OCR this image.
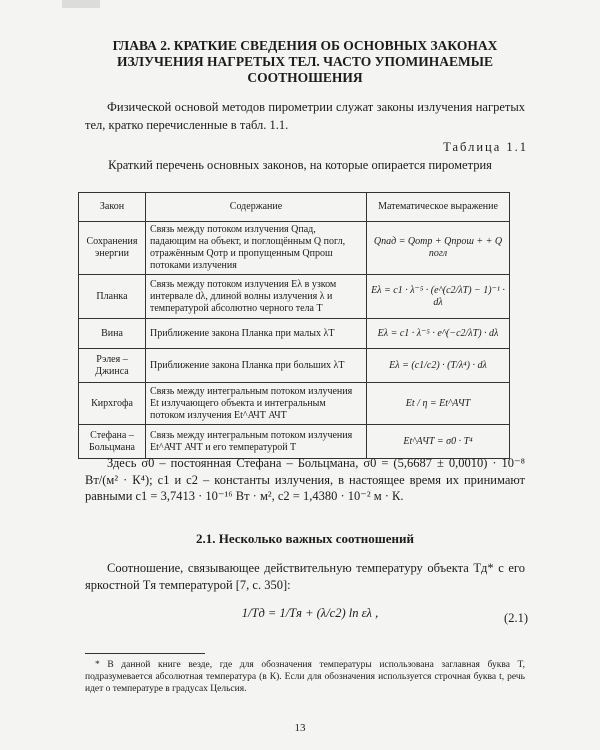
ГЛАВА 2. КРАТКИЕ СВЕДЕНИЯ ОБ ОСНОВНЫХ ЗАКОНАХ ИЗЛУЧЕНИЯ НАГРЕТЫХ ТЕЛ. ЧАСТО УПОМИНАЕМЫЕ СООТНОШЕНИЯ
Физической основой методов пирометрии служат законы излучения нагретых тел, кратко перечисленные в табл. 1.1.
Таблица 1.1
Краткий перечень основных законов, на которые опирается пирометрия
Закон	Содержание	Математическое выражение
Сохранения энергии	Связь между потоком излучения Qпад, падающим на объект, и поглощённым Q погл, отражённым Qотр и пропущенным Qпрош потоками излучения	Qпад = Qотр + Qпрош + + Q погл
Планка	Связь между потоком излучения Eλ в узком интервале dλ, длиной волны излучения λ и температурой абсолютно черного тела T	Eλ = c1 · λ⁻⁵ · (e^(c2/λT) − 1)⁻¹ · dλ
Вина	Приближение закона Планка при малых λT	Eλ = c1 · λ⁻⁵ · e^(−c2/λT) · dλ
Рэлея – Джинса	Приближение закона Планка при больших λT	Eλ = (c1/c2) · (T/λ⁴) · dλ
Кирхгофа	Связь между интегральным потоком излучения Et излучающего объекта и интегральным потоком излучения Et^АЧТ АЧТ	Et / η = Et^АЧТ
Стефана – Больцмана	Связь между интегральным потоком излучения Et^АЧТ АЧТ и его температурой T	Et^АЧТ = σ0 · T⁴
Здесь σ0 – постоянная Стефана – Больцмана, σ0 = (5,6687 ± 0,0010) · 10⁻⁸ Вт/(м² · К⁴); c1 и c2 – константы излучения, в настоящее время их принимают равными c1 = 3,7413 · 10⁻¹⁶ Вт · м², c2 = 1,4380 · 10⁻² м · К.
2.1. Несколько важных соотношений
Соотношение, связывающее действительную температуру объекта Tд* с его яркостной Tя температурой [7, с. 350]:
1/Tд = 1/Tя + (λ/c2) ln ελ ,	(2.1)
* В данной книге везде, где для обозначения температуры использована заглавная буква T, подразумевается абсолютная температура (в К). Если для обозначения используется строчная буква t, речь идет о температуре в градусах Цельсия.
13
